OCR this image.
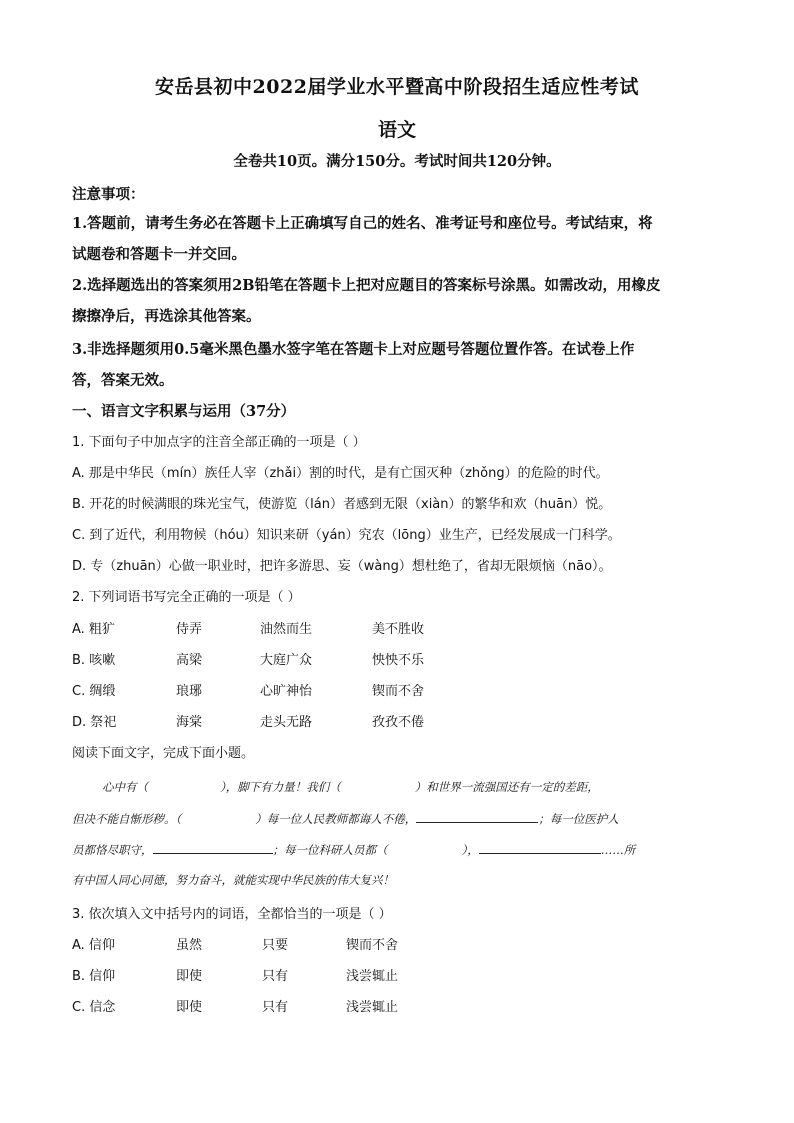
安岳县初中2022届学业水平暨高中阶段招生适应性考试
语文
全卷共10页。满分150分。考试时间共120分钟。
注意事项：
1.答题前，请考生务必在答题卡上正确填写自己的姓名、准考证号和座位号。考试结束，将
试题卷和答题卡一并交回。
2.选择题选出的答案须用2B铅笔在答题卡上把对应题目的答案标号涂黑。如需改动，用橡皮
擦擦净后，再选涂其他答案。
3.非选择题须用0.5毫米黑色墨水签字笔在答题卡上对应题号答题位置作答。在试卷上作
答，答案无效。
一、语言文字积累与运用（37分）
1. 下面句子中加点字的注音全部正确的一项是（ ）
A. 那是中华民（mín）族任人宰（zhǎi）割的时代，是有亡国灭种（zhǒng）的危险的时代。
B. 开花的时候满眼的珠光宝气，使游览（lán）者感到无限（xiàn）的繁华和欢（huān）悦。
C. 到了近代，利用物候（hóu）知识来研（yán）究农（lōng）业生产，已经发展成一门科学。
D. 专（zhuān）心做一职业时，把许多游思、妄（wàng）想杜绝了，省却无限烦恼（nāo）。
2. 下列词语书写完全正确的一项是（ ）
A. 粗犷	侍弄	油然而生	美不胜收
B. 咳嗽	高梁	大庭广众	怏怏不乐
C. 绸缎	琅琊	心旷神怡	锲而不舍
D. 祭祀	海棠	走头无路	孜孜不倦
阅读下面文字，完成下面小题。
心中有（	），脚下有力量！我们（	）和世界一流强国还有一定的差距，
但决不能自惭形秽。（	）每一位人民教师都诲人不倦，	；每一位医护人
员都恪尽职守，	；每一位科研人员都（	），	……所
有中国人同心同德，努力奋斗，就能实现中华民族的伟大复兴！
3. 依次填入文中括号内的词语，全都恰当的一项是（ ）
A. 信仰	虽然	只要	锲而不舍
B. 信仰	即使	只有	浅尝辄止
C. 信念	即使	只有	浅尝辄止
